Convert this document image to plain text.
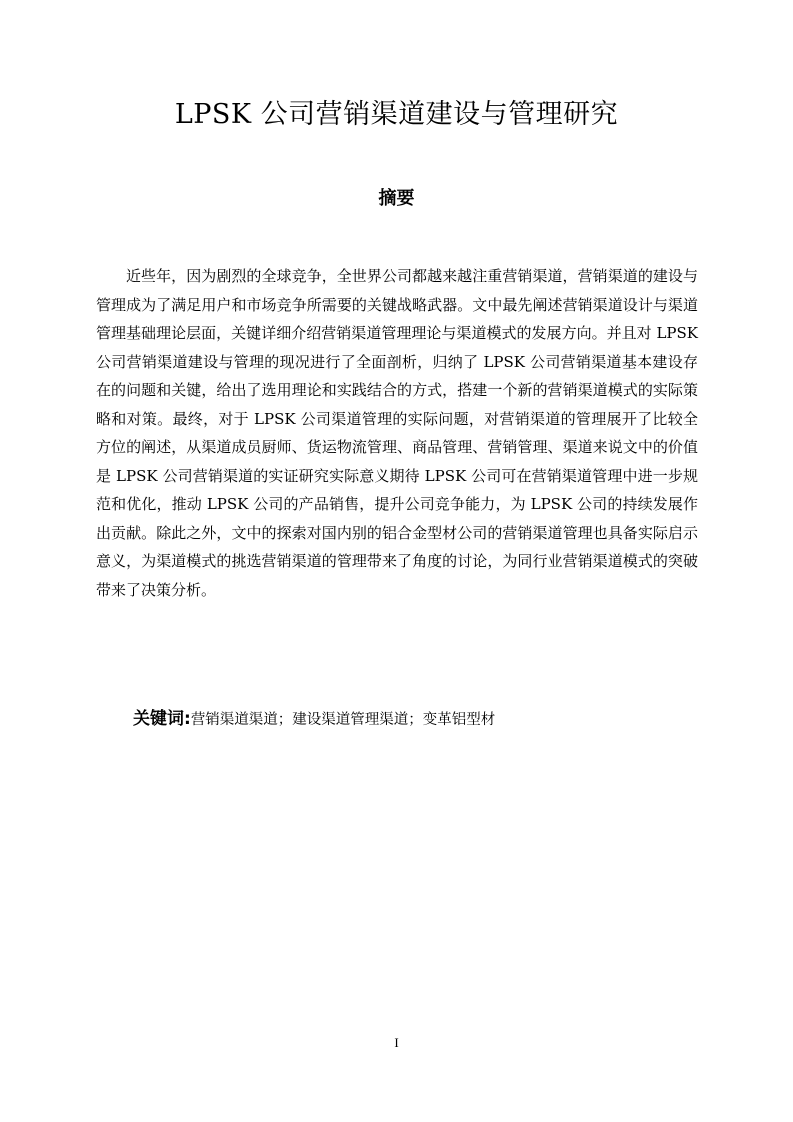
LPSK 公司营销渠道建设与管理研究
摘要

近些年，因为剧烈的全球竞争，全世界公司都越来越注重营销渠道，营销渠道的建设与管理成为了满足用户和市场竞争所需要的关键战略武器。文中最先阐述营销渠道设计与渠道管理基础理论层面，关键详细介绍营销渠道管理理论与渠道模式的发展方向。并且对 LPSK 公司营销渠道建设与管理的现况进行了全面剖析，归纳了 LPSK 公司营销渠道基本建设存在的问题和关键，给出了选用理论和实践结合的方式，搭建一个新的营销渠道模式的实际策略和对策。最终，对于 LPSK 公司渠道管理的实际问题，对营销渠道的管理展开了比较全方位的阐述，从渠道成员厨师、货运物流管理、商品管理、营销管理、渠道来说文中的价值是 LPSK 公司营销渠道的实证研究实际意义期待 LPSK 公司可在营销渠道管理中进一步规范和优化，推动 LPSK 公司的产品销售，提升公司竞争能力，为 LPSK 公司的持续发展作出贡献。除此之外，文中的探索对国内别的铝合金型材公司的营销渠道管理也具备实际启示意义，为渠道模式的挑选营销渠道的管理带来了角度的讨论，为同行业营销渠道模式的突破带来了决策分析。

关键词:营销渠道渠道；建设渠道管理渠道；变革铝型材
I
